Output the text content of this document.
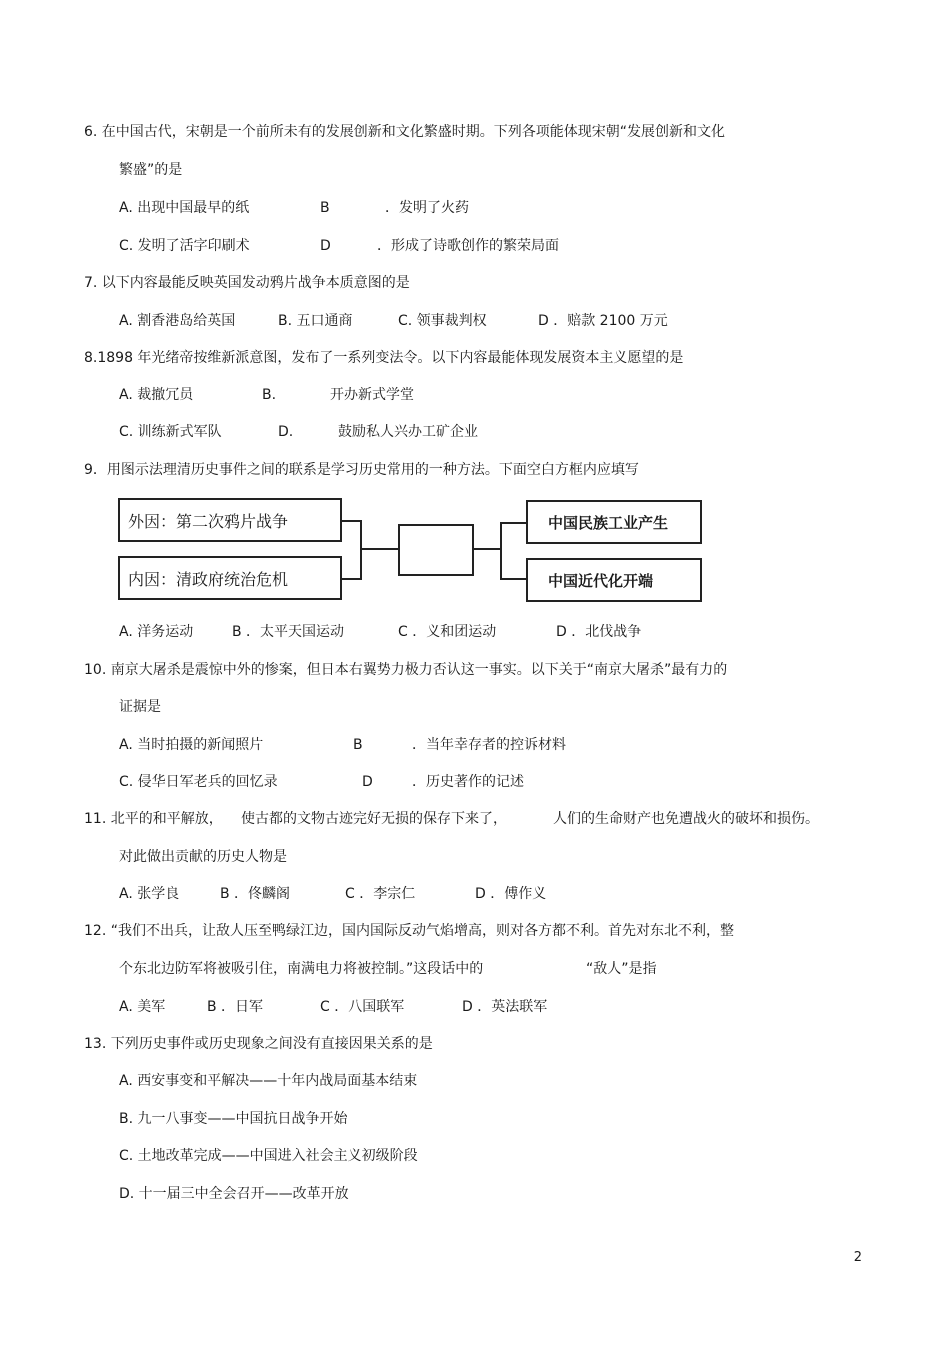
6. 在中国古代，宋朝是一个前所未有的发展创新和文化繁盛时期。下列各项能体现宋朝“发展创新和文化
繁盛”的是
A. 出现中国最早的纸	B	．发明了火药
C. 发明了活字印刷术	D	．形成了诗歌创作的繁荣局面
7. 以下内容最能反映英国发动鸦片战争本质意图的是
A. 割香港岛给英国	B. 五口通商	C. 领事裁判权	D ．赔款 2100 万元
8.1898 年光绪帝按维新派意图，发布了一系列变法令。以下内容最能体现发展资本主义愿望的是
A. 裁撤冗员	B.	开办新式学堂
C. 训练新式军队	D.	鼓励私人兴办工矿企业
9．用图示法理清历史事件之间的联系是学习历史常用的一种方法。下面空白方框内应填写
外因：第二次鸦片战争
内因：清政府统治危机
中国民族工业产生
中国近代化开端
A. 洋务运动	B ．太平天国运动	C ．义和团运动	D ．北伐战争
10. 南京大屠杀是震惊中外的惨案，但日本右翼势力极力否认这一事实。以下关于“南京大屠杀”最有力的
证据是
A. 当时拍摄的新闻照片	B	．当年幸存者的控诉材料
C. 侵华日军老兵的回忆录	D	．历史著作的记述
11. 北平的和平解放， 使古都的文物古迹完好无损的保存下来了，	人们的生命财产也免遭战火的破坏和损伤。
对此做出贡献的历史人物是
A. 张学良	B ．佟麟阁	C ．李宗仁	D ．傅作义
12. “我们不出兵，让敌人压至鸭绿江边，国内国际反动气焰增高，则对各方都不利。首先对东北不利，整
个东北边防军将被吸引住，南满电力将被控制。”这段话中的	“敌人”是指
A. 美军	B ．日军	C ．八国联军	D ．英法联军
13. 下列历史事件或历史现象之间没有直接因果关系的是
A. 西安事变和平解决——十年内战局面基本结束
B. 九一八事变——中国抗日战争开始
C. 土地改革完成——中国进入社会主义初级阶段
D. 十一届三中全会召开——改革开放
2
